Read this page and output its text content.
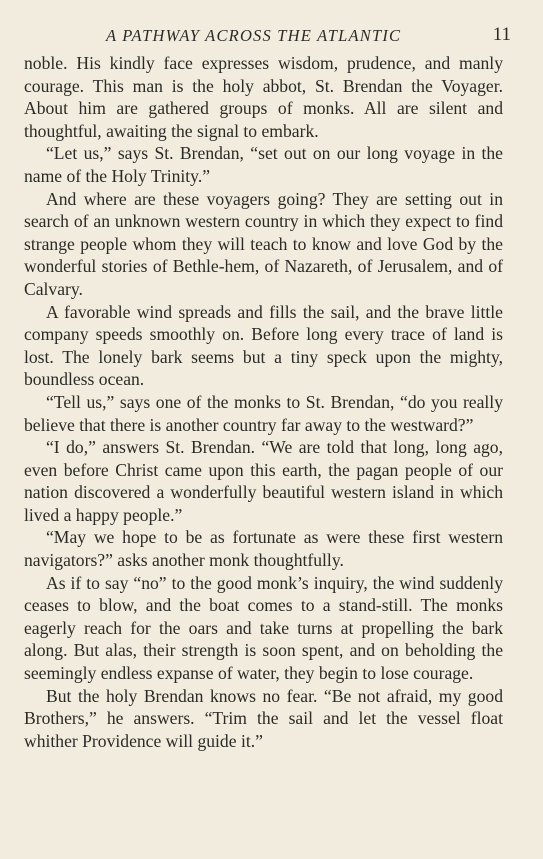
A PATHWAY ACROSS THE ATLANTIC	11

noble. His kindly face expresses wisdom, prudence, and manly courage. This man is the holy abbot, St. Brendan the Voyager. About him are gathered groups of monks. All are silent and thoughtful, awaiting the signal to embark.

“Let us,” says St. Brendan, “set out on our long voyage in the name of the Holy Trinity.”

And where are these voyagers going? They are setting out in search of an unknown western country in which they expect to find strange people whom they will teach to know and love God by the wonderful stories of Bethle-hem, of Nazareth, of Jerusalem, and of Calvary.

A favorable wind spreads and fills the sail, and the brave little company speeds smoothly on. Before long every trace of land is lost. The lonely bark seems but a tiny speck upon the mighty, boundless ocean.

“Tell us,” says one of the monks to St. Brendan, “do you really believe that there is another country far away to the westward?”

“I do,” answers St. Brendan. “We are told that long, long ago, even before Christ came upon this earth, the pagan people of our nation discovered a wonderfully beautiful western island in which lived a happy people.”

“May we hope to be as fortunate as were these first western navigators?” asks another monk thoughtfully.

As if to say “no” to the good monk’s inquiry, the wind suddenly ceases to blow, and the boat comes to a stand-still. The monks eagerly reach for the oars and take turns at propelling the bark along. But alas, their strength is soon spent, and on beholding the seemingly endless expanse of water, they begin to lose courage.

But the holy Brendan knows no fear. “Be not afraid, my good Brothers,” he answers. “Trim the sail and let the vessel float whither Providence will guide it.”
